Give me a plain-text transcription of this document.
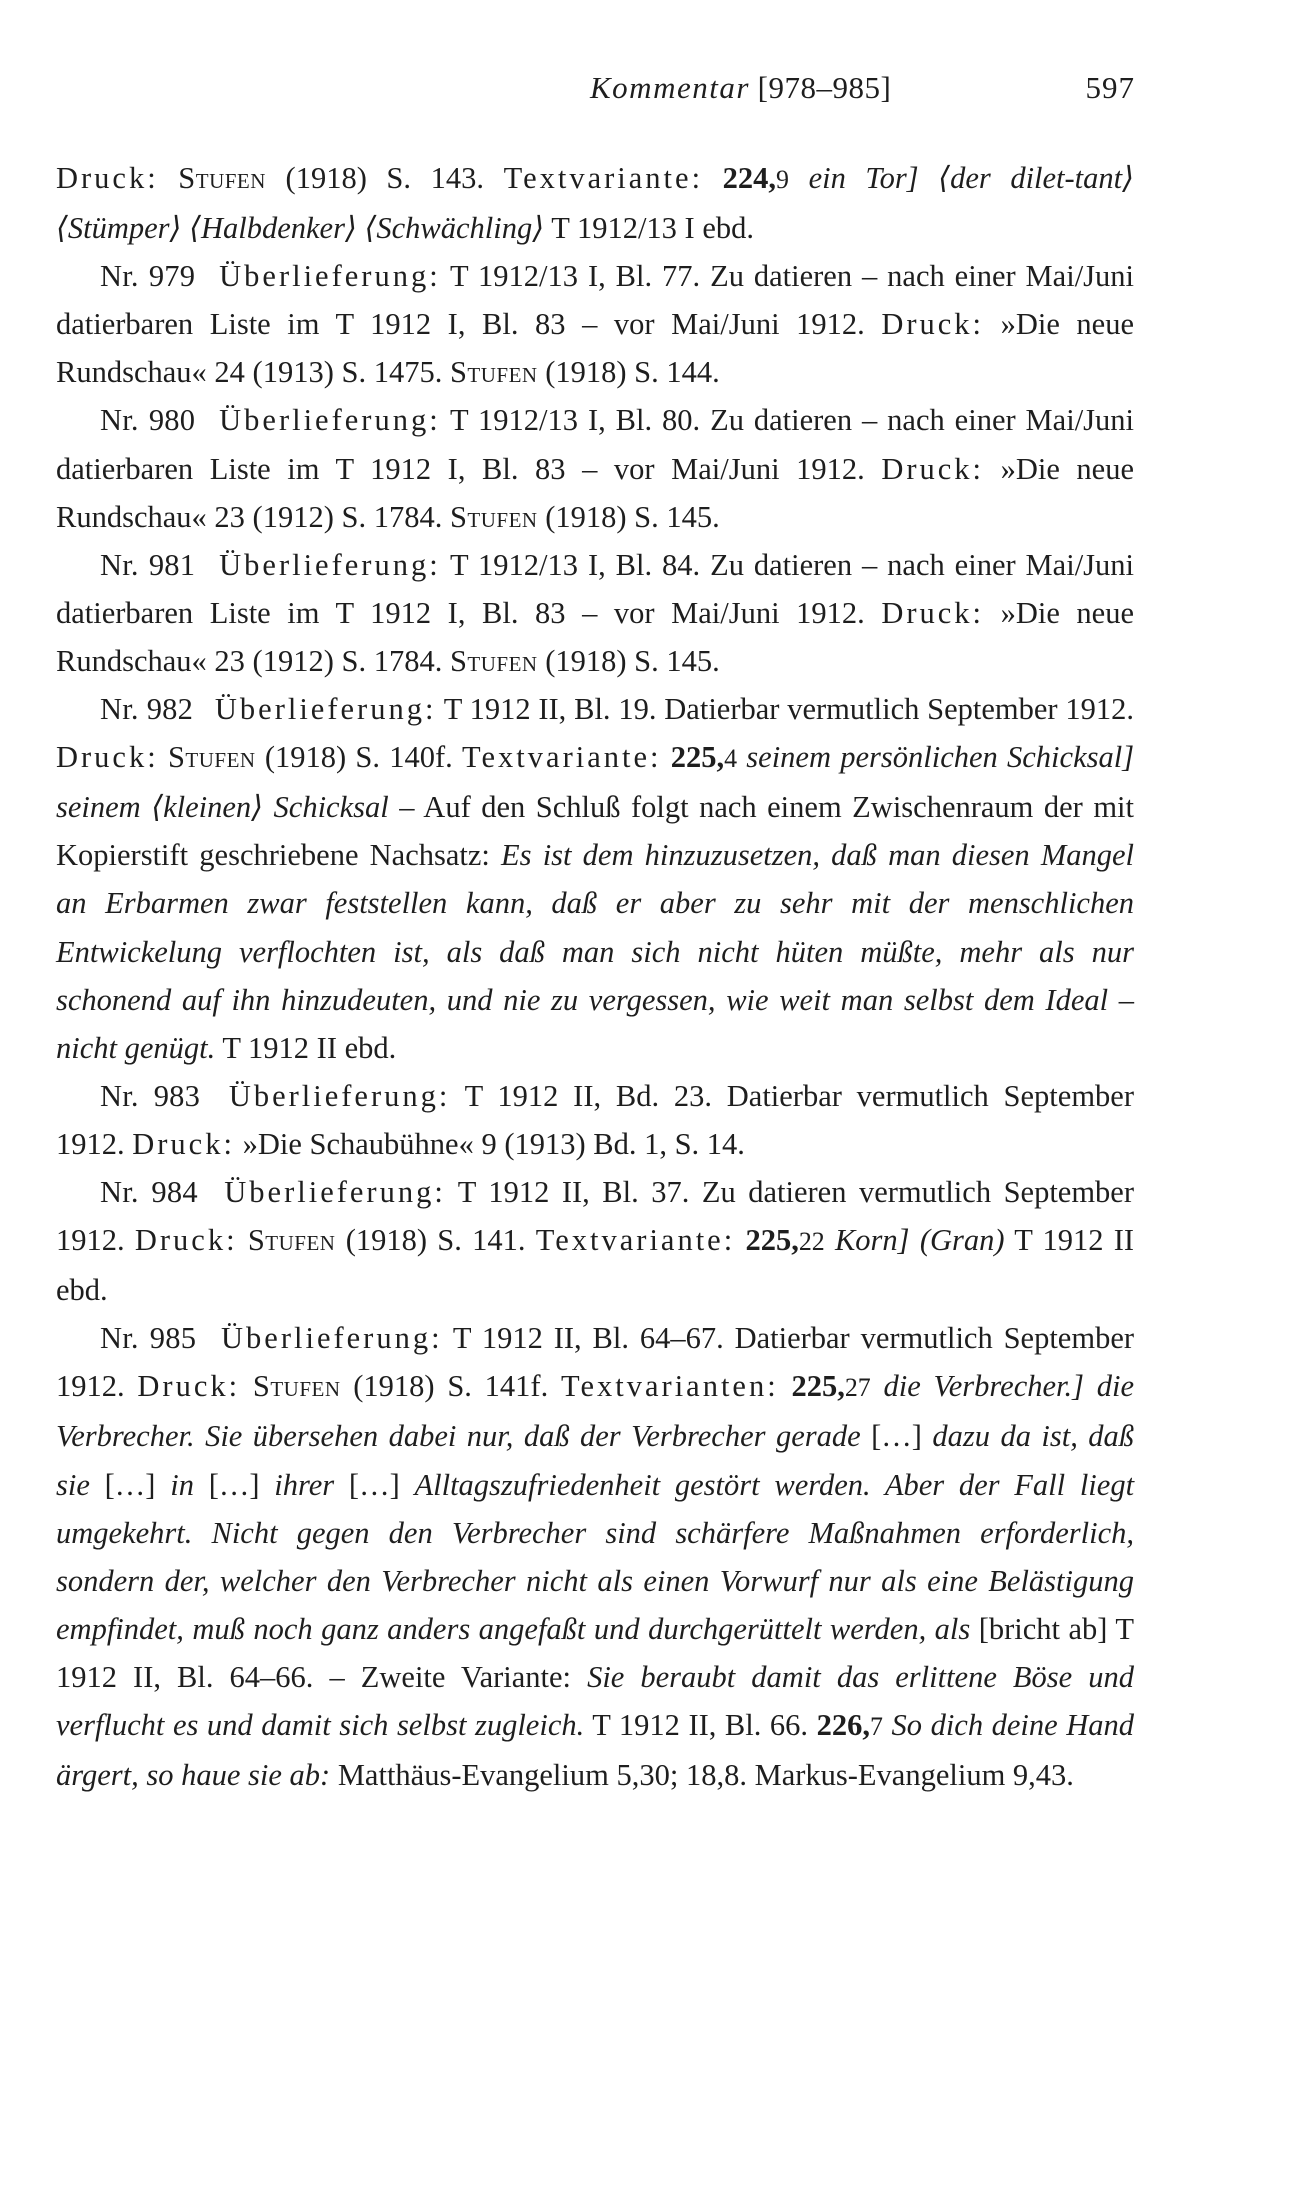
Kommentar [978–985]	597

Druck: Stufen (1918) S. 143. Textvariante: 224,9 ein Tor] ⟨der dilet-tant⟩ ⟨Stümper⟩ ⟨Halbdenker⟩ ⟨Schwächling⟩ T 1912/13 I ebd.

Nr. 979 Überlieferung: T 1912/13 I, Bl. 77. Zu datieren – nach einer Mai/Juni datierbaren Liste im T 1912 I, Bl. 83 – vor Mai/Juni 1912. Druck: »Die neue Rundschau« 24 (1913) S. 1475. Stufen (1918) S. 144.

Nr. 980 Überlieferung: T 1912/13 I, Bl. 80. Zu datieren – nach einer Mai/Juni datierbaren Liste im T 1912 I, Bl. 83 – vor Mai/Juni 1912. Druck: »Die neue Rundschau« 23 (1912) S. 1784. Stufen (1918) S. 145.

Nr. 981 Überlieferung: T 1912/13 I, Bl. 84. Zu datieren – nach einer Mai/Juni datierbaren Liste im T 1912 I, Bl. 83 – vor Mai/Juni 1912. Druck: »Die neue Rundschau« 23 (1912) S. 1784. Stufen (1918) S. 145.

Nr. 982 Überlieferung: T 1912 II, Bl. 19. Datierbar vermutlich September 1912. Druck: Stufen (1918) S. 140f. Textvariante: 225,4 seinem persönlichen Schicksal] seinem ⟨kleinen⟩ Schicksal – Auf den Schluß folgt nach einem Zwischenraum der mit Kopierstift geschriebene Nachsatz: Es ist dem hinzuzusetzen, daß man diesen Mangel an Erbarmen zwar feststellen kann, daß er aber zu sehr mit der menschlichen Entwickelung verflochten ist, als daß man sich nicht hüten müßte, mehr als nur schonend auf ihn hinzudeuten, und nie zu vergessen, wie weit man selbst dem Ideal – nicht genügt. T 1912 II ebd.

Nr. 983 Überlieferung: T 1912 II, Bd. 23. Datierbar vermutlich September 1912. Druck: »Die Schaubühne« 9 (1913) Bd. 1, S. 14.

Nr. 984 Überlieferung: T 1912 II, Bl. 37. Zu datieren vermutlich September 1912. Druck: Stufen (1918) S. 141. Textvariante: 225,22 Korn] (Gran) T 1912 II ebd.

Nr. 985 Überlieferung: T 1912 II, Bl. 64–67. Datierbar vermutlich September 1912. Druck: Stufen (1918) S. 141f. Textvarianten: 225,27 die Verbrecher.] die Verbrecher. Sie übersehen dabei nur, daß der Verbrecher gerade […] dazu da ist, daß sie […] in […] ihrer […] Alltagszufriedenheit gestört werden. Aber der Fall liegt umgekehrt. Nicht gegen den Verbrecher sind schärfere Maßnahmen erforderlich, sondern der, welcher den Verbrecher nicht als einen Vorwurf nur als eine Belästigung empfindet, muß noch ganz anders angefaßt und durchgerüttelt werden, als [bricht ab] T 1912 II, Bl. 64–66. – Zweite Variante: Sie beraubt damit das erlittene Böse und verflucht es und damit sich selbst zugleich. T 1912 II, Bl. 66. 226,7 So dich deine Hand ärgert, so haue sie ab: Matthäus-Evangelium 5,30; 18,8. Markus-Evangelium 9,43.
